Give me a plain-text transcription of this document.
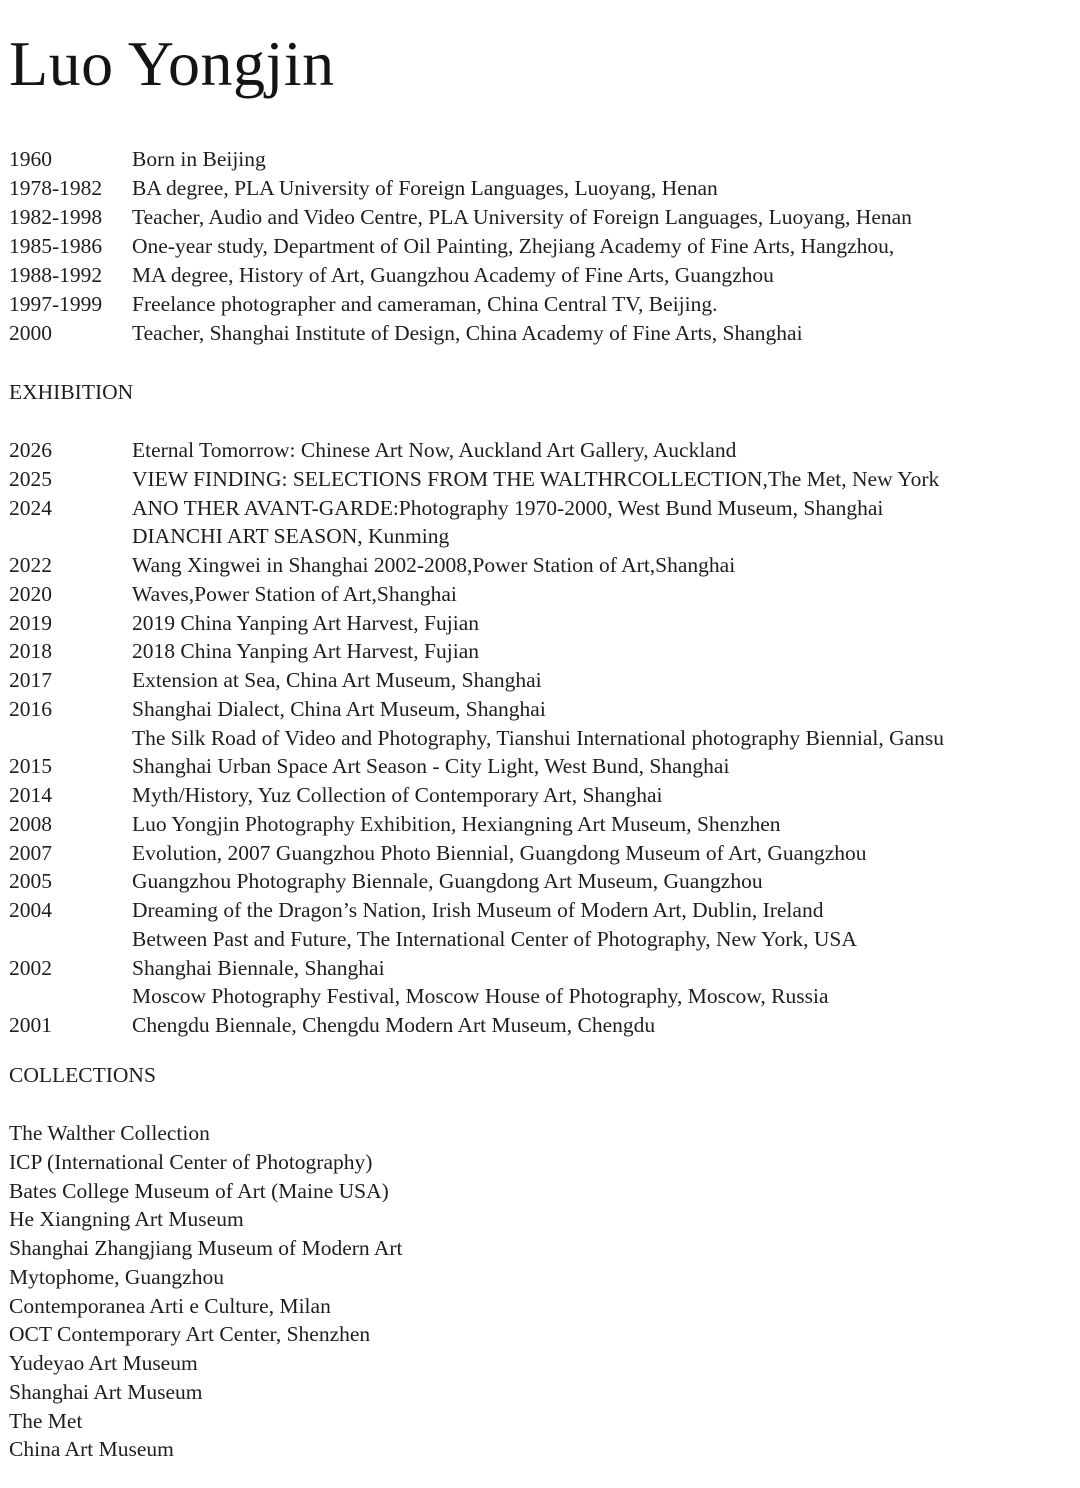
Luo Yongjin
1960	Born in Beijing
1978-1982	BA degree, PLA University of Foreign Languages, Luoyang, Henan
1982-1998	Teacher, Audio and Video Centre, PLA University of Foreign Languages, Luoyang, Henan
1985-1986	One-year study, Department of Oil Painting, Zhejiang Academy of Fine Arts, Hangzhou,
1988-1992	MA degree, History of Art, Guangzhou Academy of Fine Arts, Guangzhou
1997-1999	Freelance photographer and cameraman, China Central TV, Beijing.
2000	Teacher, Shanghai Institute of Design, China Academy of Fine Arts, Shanghai
EXHIBITION
2026	Eternal Tomorrow: Chinese Art Now, Auckland Art Gallery, Auckland
2025	VIEW FINDING: SELECTIONS FROM THE WALTHRCOLLECTION,The Met, New York
2024	ANO THER AVANT-GARDE:Photography 1970-2000, West Bund Museum, Shanghai
DIANCHI ART SEASON, Kunming
2022	Wang Xingwei in Shanghai 2002-2008,Power Station of Art,Shanghai
2020	Waves,Power Station of Art,Shanghai
2019	2019 China Yanping Art Harvest, Fujian
2018	2018 China Yanping Art Harvest, Fujian
2017	Extension at Sea, China Art Museum, Shanghai
2016	Shanghai Dialect, China Art Museum, Shanghai
The Silk Road of Video and Photography, Tianshui International photography Biennial, Gansu
2015	Shanghai Urban Space Art Season - City Light, West Bund, Shanghai
2014	Myth/History, Yuz Collection of Contemporary Art, Shanghai
2008	Luo Yongjin Photography Exhibition, Hexiangning Art Museum, Shenzhen
2007	Evolution, 2007 Guangzhou Photo Biennial, Guangdong Museum of Art, Guangzhou
2005	Guangzhou Photography Biennale, Guangdong Art Museum, Guangzhou
2004	Dreaming of the Dragon’s Nation, Irish Museum of Modern Art, Dublin, Ireland
Between Past and Future, The International Center of Photography, New York, USA
2002	Shanghai Biennale, Shanghai
Moscow Photography Festival, Moscow House of Photography, Moscow, Russia
2001	Chengdu Biennale, Chengdu Modern Art Museum, Chengdu
COLLECTIONS
The Walther Collection
ICP (International Center of Photography)
Bates College Museum of Art (Maine USA)
He Xiangning Art Museum
Shanghai Zhangjiang Museum of Modern Art
Mytophome, Guangzhou
Contemporanea Arti e Culture, Milan
OCT Contemporary Art Center, Shenzhen
Yudeyao Art Museum
Shanghai Art Museum
The Met
China Art Museum
